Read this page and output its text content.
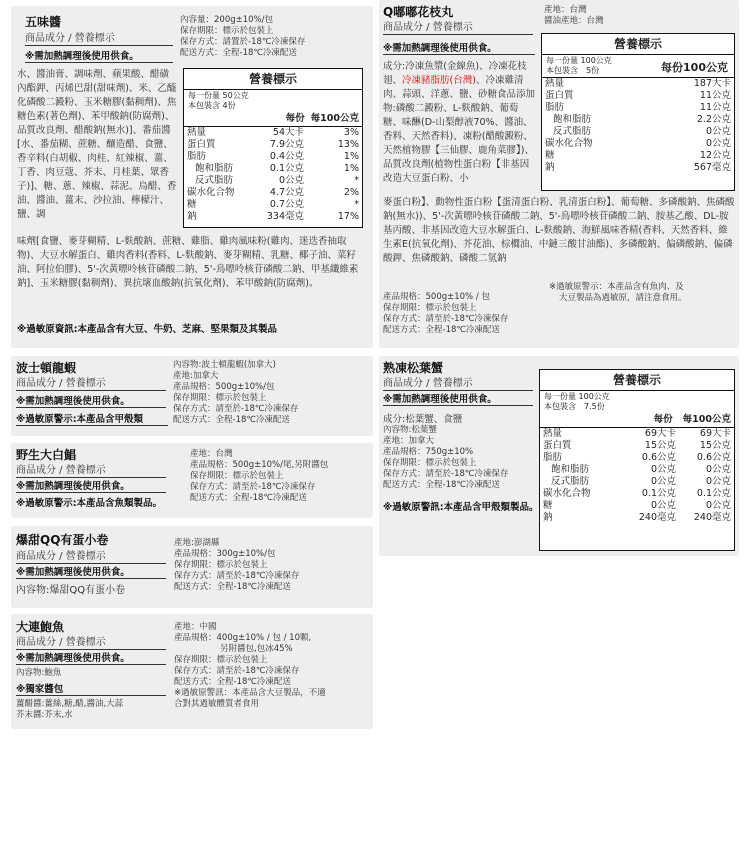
五味醬
商品成分 / 營養標示
※需加熱調理後使用供食。
內容量：200g±10%/包
保存期限：標示於包裝上
保存方式：請置於-18℃冷凍保存
配送方式：全程-18℃冷凍配送
水、醬油膏、調味劑、蘋果酸、醋磺內酯鉀、丙烯巴甜(甜味劑)、米、乙醯化磷酸二澱粉、玉米糖膠(黏稠劑)、焦糖色素(著色劑)、苯甲酸鈉(防腐劑)、品質改良劑、醋酸鈉(無水)]、番茄醬[水、番茄糊、蔗糖、釀造醋、食鹽、香辛料(白胡椒、肉桂、紅辣椒、薑、丁香、肉豆蔻、芥末、月桂葉、眾香子)]、糖、蔥、辣椒、蒜泥、烏醋、香油、醬油、薑末、沙拉油、檸檬汁、鹽、調
營養標示
每一份量 50公克
本包裝含 4份
每份 每100公克
熱量	54大卡	3%
蛋白質	7.9公克	13%
脂肪	0.4公克	1%
飽和脂肪	0.1公克	1%
反式脂肪	0公克	*
碳水化合物	4.7公克	2%
糖	0.7公克	*
鈉	334毫克	17%
味劑[食鹽、麥芽糊精、L-麩酸鈉、蔗糖、雞脂、雞肉風味粉(雞肉、迷迭香抽取物)、大豆水解蛋白、雞肉香料(香料、L-麩酸鈉、麥芽糊精、乳糖、椰子油、菜籽油、阿拉伯膠)、5'-次黃嘌呤核苷磷酸二鈉、5'-鳥嘌呤核苷磷酸二鈉、甲基纖維素鈉]、玉米糖膠(黏稠劑)、異抗壞血酸鈉(抗氧化劑)、苯甲酸鈉(防腐劑)。
※過敏原資訊:本產品含有大豆、牛奶、芝麻、堅果類及其製品
Q嘟嘟花枝丸
商品成分 / 營養標示
產地：台灣
醬油產地：台灣
※需加熱調理後使用供食。
成分:冷凍魚漿(金線魚)、冷凍花枝翅、冷凍豬脂肪(台灣)、冷凍雞清肉、蒜頭、洋蔥、鹽、砂糖食品添加物:磷酸二澱粉、L-麩酸鈉、葡萄糖、味醂(D-山梨醇液70%、醬油、香料、天然香料)、凍粉(醋酸澱粉、天然植物膠【三仙膠、鹿角菜膠】)、品質改良劑(植物性蛋白粉【非基因改造大豆蛋白粉、小
營養標示
每一份量 100公克
本包裝含　5份	每份100公克
熱量	187大卡
蛋白質	11公克
脂肪	11公克
飽和脂肪	2.2公克
反式脂肪	0公克
碳水化合物	0公克
糖	12公克
鈉	567毫克
麥蛋白粉】、動物性蛋白粉【蛋清蛋白粉、乳清蛋白粉】、葡萄糖、多磷酸鈉、焦磷酸鈉(無水))、5'-次黃嘌呤核苷磷酸二鈉、5'-鳥嘌呤核苷磷酸二鈉、胺基乙酸、DL-胺基丙酸、非基因改造大豆水解蛋白、L-麩酸鈉、海鮮風味香精(香料、天然香料、維生素E(抗氧化劑)、芥花油、棕櫚油、中鏈三酸甘油酯)、多磷酸鈉、偏磷酸鈉、偏磷酸鉀、焦磷酸鈉、磷酸二氫鈉
產品規格：500g±10% / 包
保存期限：標示於包裝上
保存方式：請至於-18℃冷凍保存
配送方式：全程-18℃冷凍配送
※過敏原警示：本產品含有魚肉、及
大豆製品為過敏原，請注意食用。
波士頓龍蝦
商品成分 / 營養標示
※需加熱調理後使用供食。
※過敏原警示:本產品含甲殼類
內容物:波士頓龍蝦(加拿大)
產地:加拿大
產品規格：500g±10%/包
保存期限：標示於包裝上
保存方式：請至於-18℃冷凍保存
配送方式：全程-18℃冷凍配送
野生大白鯧
商品成分 / 營養標示
※需加熱調理後使用供食。
※過敏原警示:本產品含魚類製品。
產地：台灣
產品規格：500g±10%/尾,另附醬包
保存期限：標示於包裝上
保存方式：請至於-18℃冷凍保存
配送方式：全程-18℃冷凍配送
爆甜QQ有蛋小卷
商品成分 / 營養標示
※需加熱調理後使用供食。
內容物:爆甜QQ有蛋小卷
產地:澎湖縣
產品規格：300g±10%/包
保存期限：標示於包裝上
保存方式：請至於-18℃冷凍保存
配送方式：全程-18℃冷凍配送
大連鮑魚
商品成分 / 營養標示
※需加熱調理後使用供食。
內容物:鮑魚
※獨家醬包
薑醋醬:薑絲,糖,醋,醬油,大蒜
芥末醬:芥末,水
產地：中國
產品規格：400g±10% / 包 / 10顆,
另附醬包,包冰45%
保存期限：標示於包裝上
保存方式：請至於-18℃冷凍保存
配送方式：全程-18℃冷凍配送
※過敏原警訊：本產品含大豆製品，不適
合對其過敏體質者食用
熟凍松葉蟹
商品成分 / 營養標示
※需加熱調理後使用供食。
成分:松葉蟹、食鹽
內容物:松葉蟹
產地：加拿大
產品規格：750g±10%
保存期限：標示於包裝上
保存方式：請至於-18℃冷凍保存
配送方式：全程-18℃冷凍配送
※過敏原警訊:本產品含甲殼類製品。
營養標示
每一份量 100公克
本包裝含　7.5份
每份 每100公克
熱量	69大卡	69大卡
蛋白質	15公克	15公克
脂肪	0.6公克	0.6公克
飽和脂肪	0公克	0公克
反式脂肪	0公克	0公克
碳水化合物	0.1公克	0.1公克
糖	0公克	0公克
鈉	240毫克	240毫克
